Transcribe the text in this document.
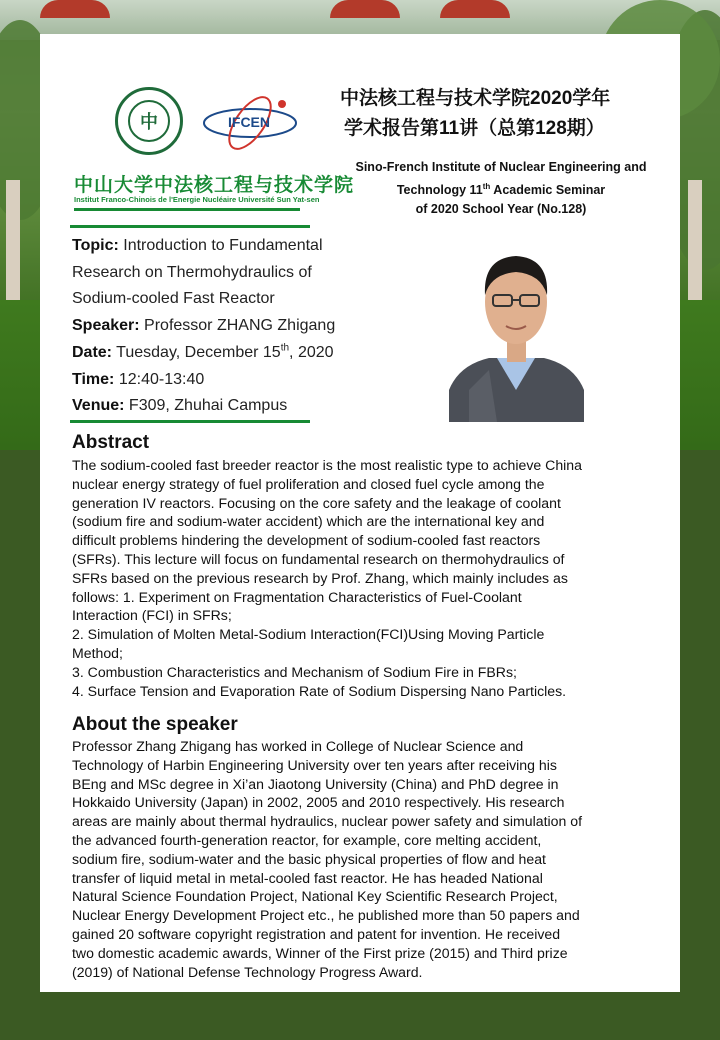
中	IFCEN
中山大学中法核工程与技术学院
Institut Franco-Chinois de l'Energie Nucléaire Université Sun Yat-sen
中法核工程与技术学院2020学年
学术报告第11讲（总第128期）
Sino-French Institute of Nuclear Engineering and
Technology 11th Academic Seminar
of 2020 School Year (No.128)
Topic: Introduction to Fundamental
Research on Thermohydraulics of
Sodium-cooled Fast Reactor
Speaker: Professor ZHANG Zhigang
Date: Tuesday, December 15th, 2020
Time: 12:40-13:40
Venue: F309, Zhuhai Campus
Abstract
The sodium-cooled fast breeder reactor is the most realistic type to achieve China
nuclear energy strategy of fuel proliferation and closed fuel cycle among the
generation IV reactors. Focusing on the core safety and the leakage of coolant
(sodium fire and sodium-water accident) which are the international key and
difficult problems hindering the development of sodium-cooled fast reactors
(SFRs). This lecture will focus on fundamental research on thermohydraulics of
SFRs based on the previous research by Prof. Zhang, which mainly includes as
follows: 1. Experiment on Fragmentation Characteristics of Fuel-Coolant
Interaction (FCI) in SFRs;
2. Simulation of Molten Metal-Sodium Interaction(FCI)Using Moving Particle
Method;
3. Combustion Characteristics and Mechanism of Sodium Fire in FBRs;
4. Surface Tension and Evaporation Rate of Sodium Dispersing Nano Particles.
About the speaker
Professor Zhang Zhigang has worked in College of Nuclear Science and
Technology of Harbin Engineering University over ten years after receiving his
BEng and MSc degree in Xi’an Jiaotong University (China) and PhD degree in
Hokkaido University (Japan) in 2002, 2005 and 2010 respectively. His research
areas are mainly about thermal hydraulics, nuclear power safety and simulation of
the advanced fourth-generation reactor, for example, core melting accident,
sodium fire, sodium-water and the basic physical properties of flow and heat
transfer of liquid metal in metal-cooled fast reactor. He has headed National
Natural Science Foundation Project, National Key Scientific Research Project,
Nuclear Energy Development Project etc., he published more than 50 papers and
gained 20 software copyright registration and patent for invention. He received
two domestic academic awards, Winner of the First prize (2015) and Third prize
(2019) of National Defense Technology Progress Award.
